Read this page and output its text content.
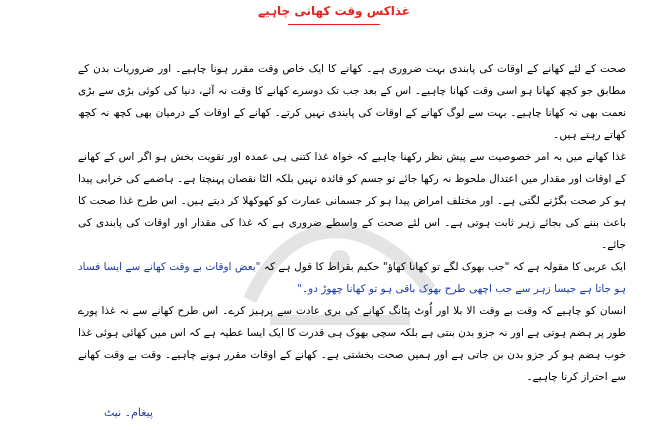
غذاکس وقت کھانی چاہیے

صحت کے لئے کھانے کے اوقات کی پابندی بہت ضروری ہے۔ کھانے کا ایک خاص وقت مقرر ہونا چاہیے۔ اور ضروریات بدن کے مطابق جو کچھ کھانا ہو اسی وقت کھانا چاہیے۔ اس کے بعد جب تک دوسرے کھانے کا وقت نہ آئے، دنیا کی کوئی بڑی سے بڑی نعمت بھی نہ کھانا چاہیے۔ بہت سے لوگ کھانے کے اوقات کی پابندی نہیں کرتے۔ کھانے کے اوقات کے درمیان بھی کچھ نہ کچھ کھاتے رہتے ہیں۔

غذا کھانے میں بہ امر خصوصیت سے پیش نظر رکھنا چاہیے کہ خواہ غذا کتنی ہی عمدہ اور تقویت بخش ہو اگر اس کے کھانے کے اوقات اور مقدار میں اعتدال ملحوظ نہ رکھا جائے تو جسم کو فائدہ نہیں بلکہ الٹا نقصان پہنچتا ہے۔ ہاضمے کی خرابی پیدا ہو کر صحت بگڑنے لگتی ہے۔ اور مختلف امراض پیدا ہو کر جسمانی عمارت کو کھوکھلا کر دیتے ہیں۔ اس طرح غذا صحت کا باعث بننے کی بجائے زہر ثابت ہوتی ہے۔ اس لئے صحت کے واسطے ضروری ہے کہ غذا کی مقدار اور اوقات کی پابندی کی جائے۔

ایک عربی کا مقولہ ہے کہ "جب بھوک لگے تو کھانا کھاؤ" حکیم بقراط کا قول ہے کہ "بعض اوقات بے وقت کھانے سے ایسا فساد ہو جاتا ہے جیسا زہر سے جب اچھی طرح بھوک باقی ہو تو کھانا چھوڑ دو۔"

انسان کو چاہیے کہ وقت بے وقت الا بلا اور اُوٹ پٹانگ کھانے کی بری عادت سے پرہیز کرے۔ اس طرح کھانے سے نہ غذا پورے طور پر ہضم ہوتی ہے اور نہ جزو بدن بنتی ہے بلکہ سچی بھوک ہی قدرت کا ایک ایسا عطیہ ہے کہ اس میں کھائی ہوئی غذا خوب ہضم ہو کر جزو بدن بن جاتی ہے اور ہمیں صحت بخشتی ہے۔ کھانے کے اوقات مقرر ہونے چاہیے۔ وقت بے وقت کھانے سے احتراز کرنا چاہیے۔

پیغام۔ نیٹ
